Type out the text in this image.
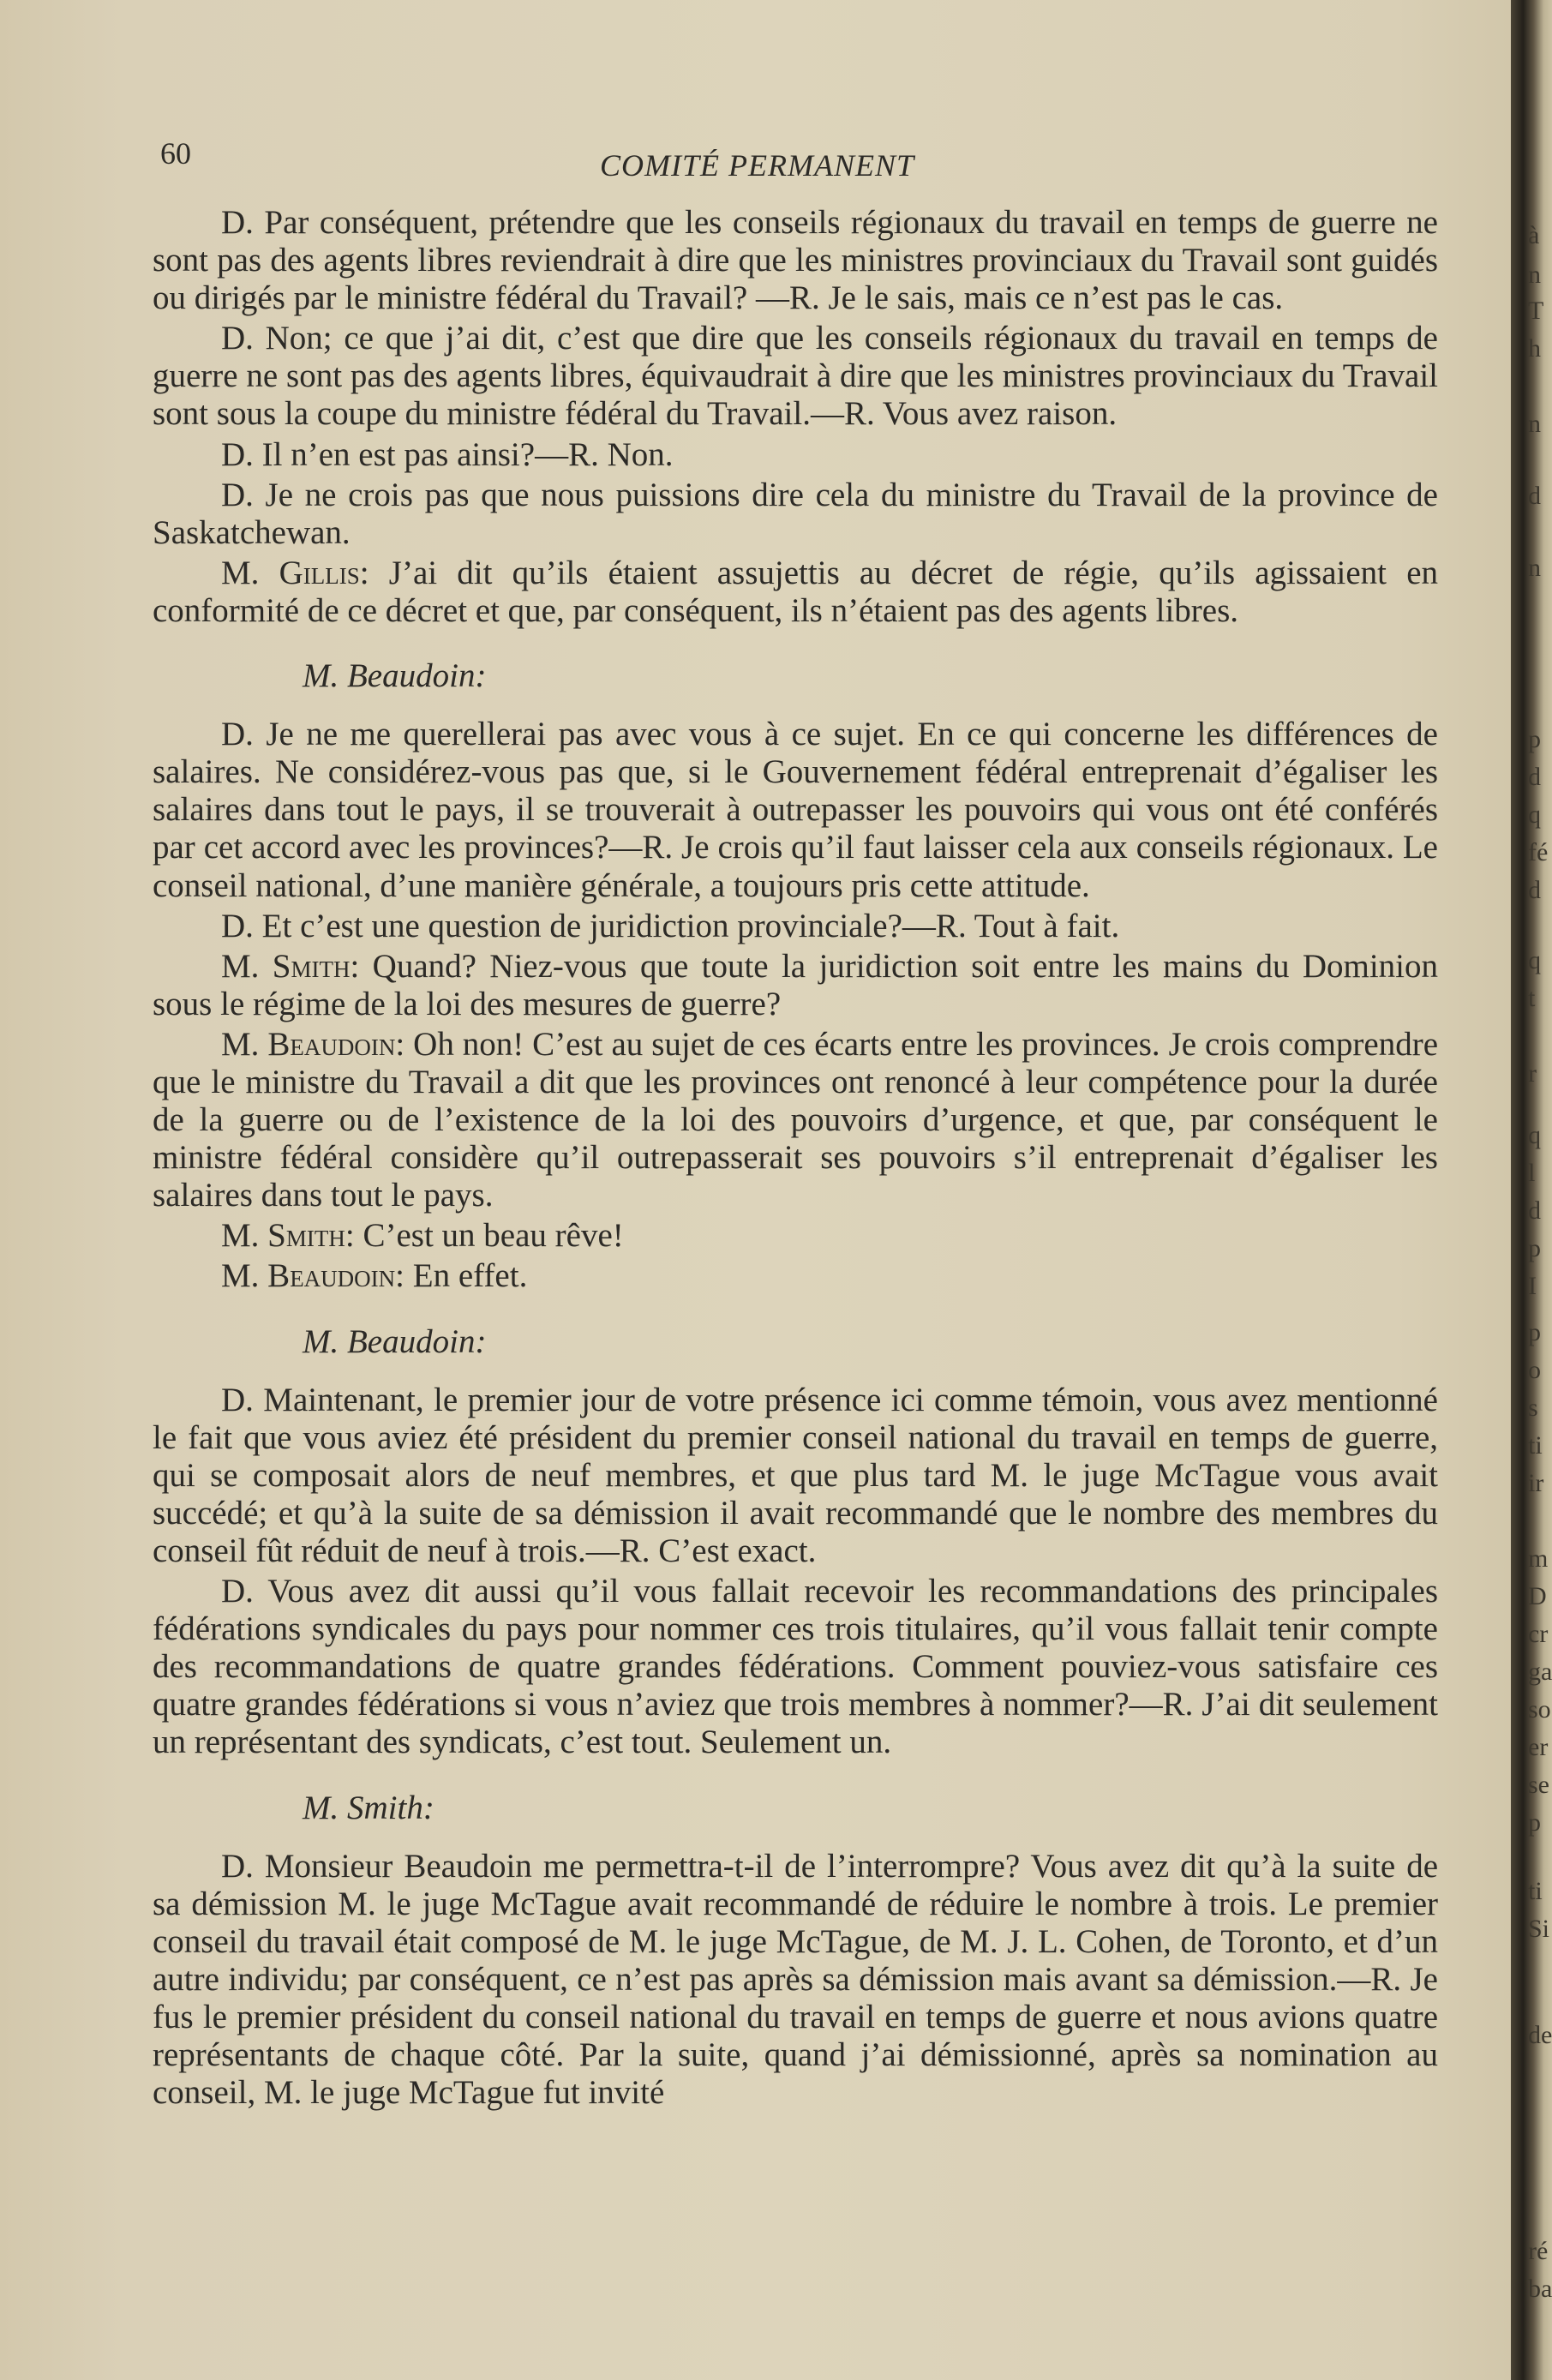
60	COMITÉ PERMANENT

D. Par conséquent, prétendre que les conseils régionaux du travail en temps de guerre ne sont pas des agents libres reviendrait à dire que les ministres provinciaux du Travail sont guidés ou dirigés par le ministre fédéral du Travail? —R. Je le sais, mais ce n’est pas le cas.

D. Non; ce que j’ai dit, c’est que dire que les conseils régionaux du travail en temps de guerre ne sont pas des agents libres, équivaudrait à dire que les ministres provinciaux du Travail sont sous la coupe du ministre fédéral du Travail.—R. Vous avez raison.

D. Il n’en est pas ainsi?—R. Non.

D. Je ne crois pas que nous puissions dire cela du ministre du Travail de la province de Saskatchewan.

M. Gillis: J’ai dit qu’ils étaient assujettis au décret de régie, qu’ils agissaient en conformité de ce décret et que, par conséquent, ils n’étaient pas des agents libres.

M. Beaudoin:

D. Je ne me querellerai pas avec vous à ce sujet. En ce qui concerne les différences de salaires. Ne considérez-vous pas que, si le Gouvernement fédéral entreprenait d’égaliser les salaires dans tout le pays, il se trouverait à outrepasser les pouvoirs qui vous ont été conférés par cet accord avec les provinces?—R. Je crois qu’il faut laisser cela aux conseils régionaux. Le conseil national, d’une manière générale, a toujours pris cette attitude.

D. Et c’est une question de juridiction provinciale?—R. Tout à fait.

M. Smith: Quand? Niez-vous que toute la juridiction soit entre les mains du Dominion sous le régime de la loi des mesures de guerre?

M. Beaudoin: Oh non! C’est au sujet de ces écarts entre les provinces. Je crois comprendre que le ministre du Travail a dit que les provinces ont renoncé à leur compétence pour la durée de la guerre ou de l’existence de la loi des pouvoirs d’urgence, et que, par conséquent le ministre fédéral considère qu’il outrepasserait ses pouvoirs s’il entreprenait d’égaliser les salaires dans tout le pays.

M. Smith: C’est un beau rêve!

M. Beaudoin: En effet.

M. Beaudoin:

D. Maintenant, le premier jour de votre présence ici comme témoin, vous avez mentionné le fait que vous aviez été président du premier conseil national du travail en temps de guerre, qui se composait alors de neuf membres, et que plus tard M. le juge McTague vous avait succédé; et qu’à la suite de sa démission il avait recommandé que le nombre des membres du conseil fût réduit de neuf à trois.—R. C’est exact.

D. Vous avez dit aussi qu’il vous fallait recevoir les recommandations des principales fédérations syndicales du pays pour nommer ces trois titulaires, qu’il vous fallait tenir compte des recommandations de quatre grandes fédérations. Comment pouviez-vous satisfaire ces quatre grandes fédérations si vous n’aviez que trois membres à nommer?—R. J’ai dit seulement un représentant des syndicats, c’est tout. Seulement un.

M. Smith:

D. Monsieur Beaudoin me permettra-t-il de l’interrompre? Vous avez dit qu’à la suite de sa démission M. le juge McTague avait recommandé de réduire le nombre à trois. Le premier conseil du travail était composé de M. le juge McTague, de M. J. L. Cohen, de Toronto, et d’un autre individu; par conséquent, ce n’est pas après sa démission mais avant sa démission.—R. Je fus le premier président du conseil national du travail en temps de guerre et nous avions quatre représentants de chaque côté. Par la suite, quand j’ai démissionné, après sa nomination au conseil, M. le juge McTague fut invité

à
n
T
h
n
d
n
p
d
q
fé
d
q
t
r
q
l
d
p
I
p
o
s
ti
ir
m
D
cr
ga
so
er
se
p
ti
Si
de
ré
ba
